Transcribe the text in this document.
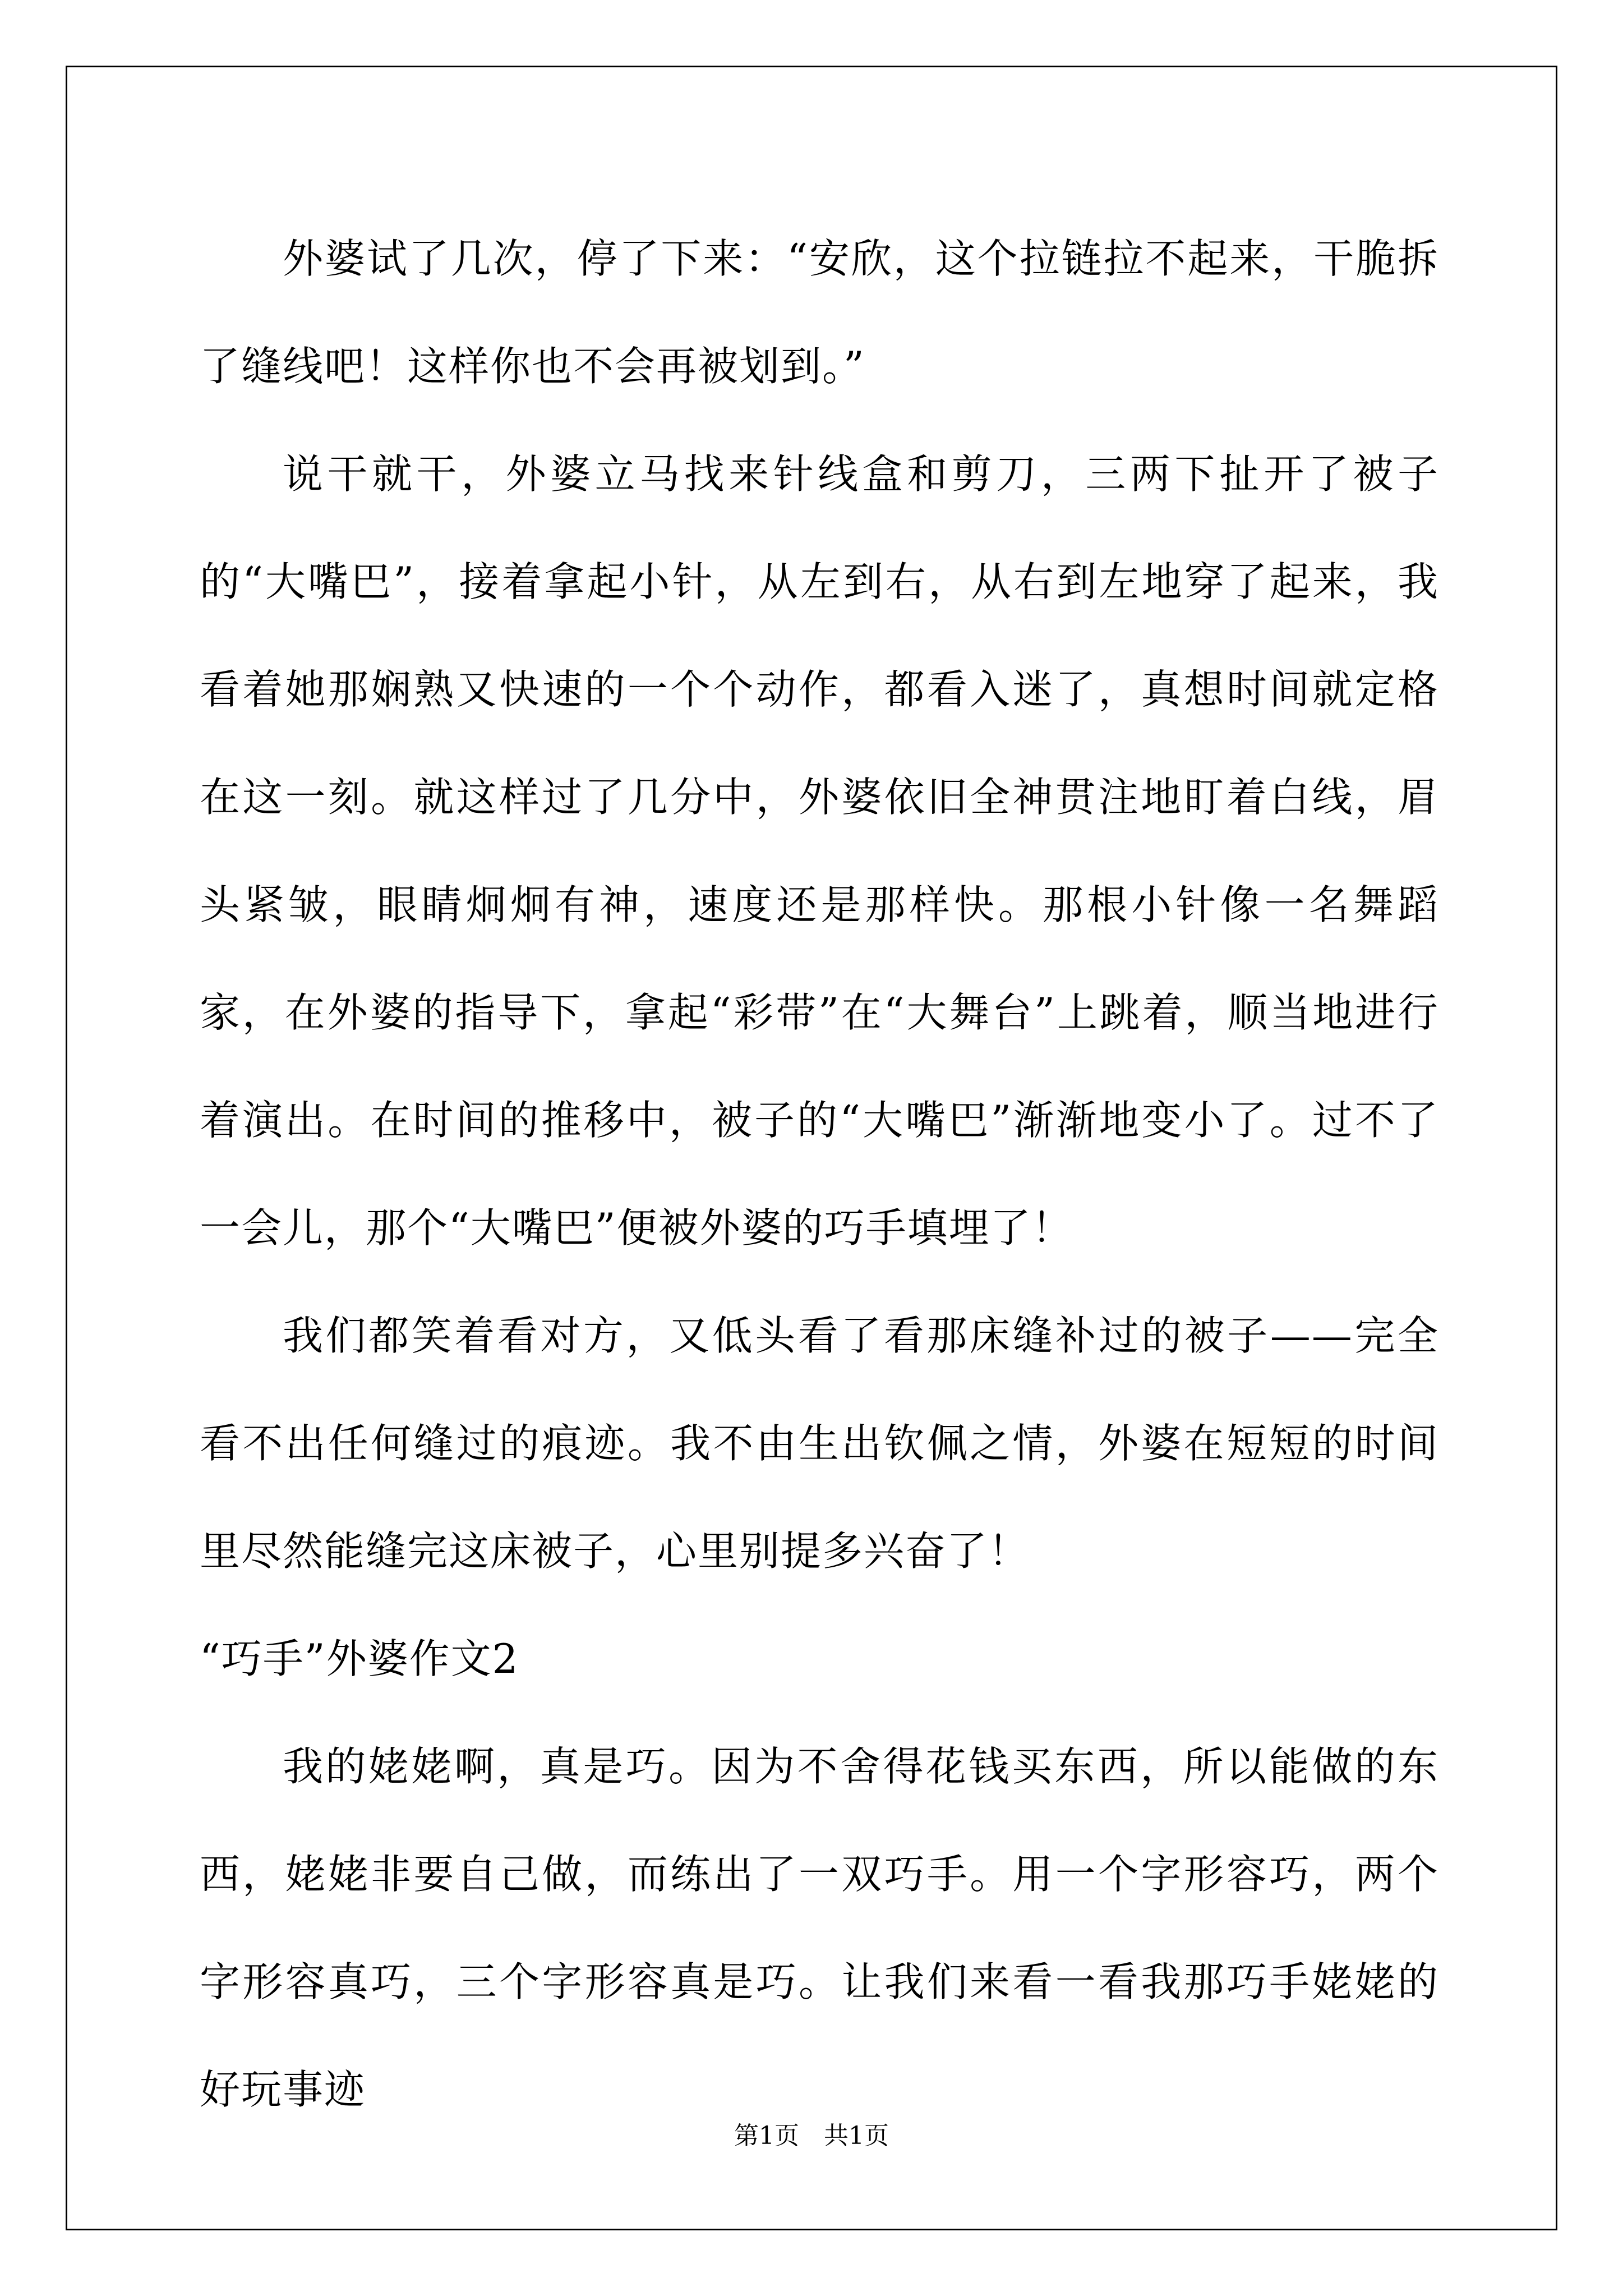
外婆试了几次，停了下来：“安欣，这个拉链拉不起来，干脆拆了缝线吧！这样你也不会再被划到。”

说干就干，外婆立马找来针线盒和剪刀，三两下扯开了被子的“大嘴巴”，接着拿起小针，从左到右，从右到左地穿了起来，我看着她那娴熟又快速的一个个动作，都看入迷了，真想时间就定格在这一刻。就这样过了几分中，外婆依旧全神贯注地盯着白线，眉头紧皱，眼睛炯炯有神，速度还是那样快。那根小针像一名舞蹈家，在外婆的指导下，拿起“彩带”在“大舞台”上跳着，顺当地进行着演出。在时间的推移中，被子的“大嘴巴”渐渐地变小了。过不了一会儿，那个“大嘴巴”便被外婆的巧手填埋了！

我们都笑着看对方，又低头看了看那床缝补过的被子——完全看不出任何缝过的痕迹。我不由生出钦佩之情，外婆在短短的时间里尽然能缝完这床被子，心里别提多兴奋了！

“巧手”外婆作文2

我的姥姥啊，真是巧。因为不舍得花钱买东西，所以能做的东西，姥姥非要自己做，而练出了一双巧手。用一个字形容巧，两个字形容真巧，三个字形容真是巧。让我们来看一看我那巧手姥姥的好玩事迹

第1页　共1页
